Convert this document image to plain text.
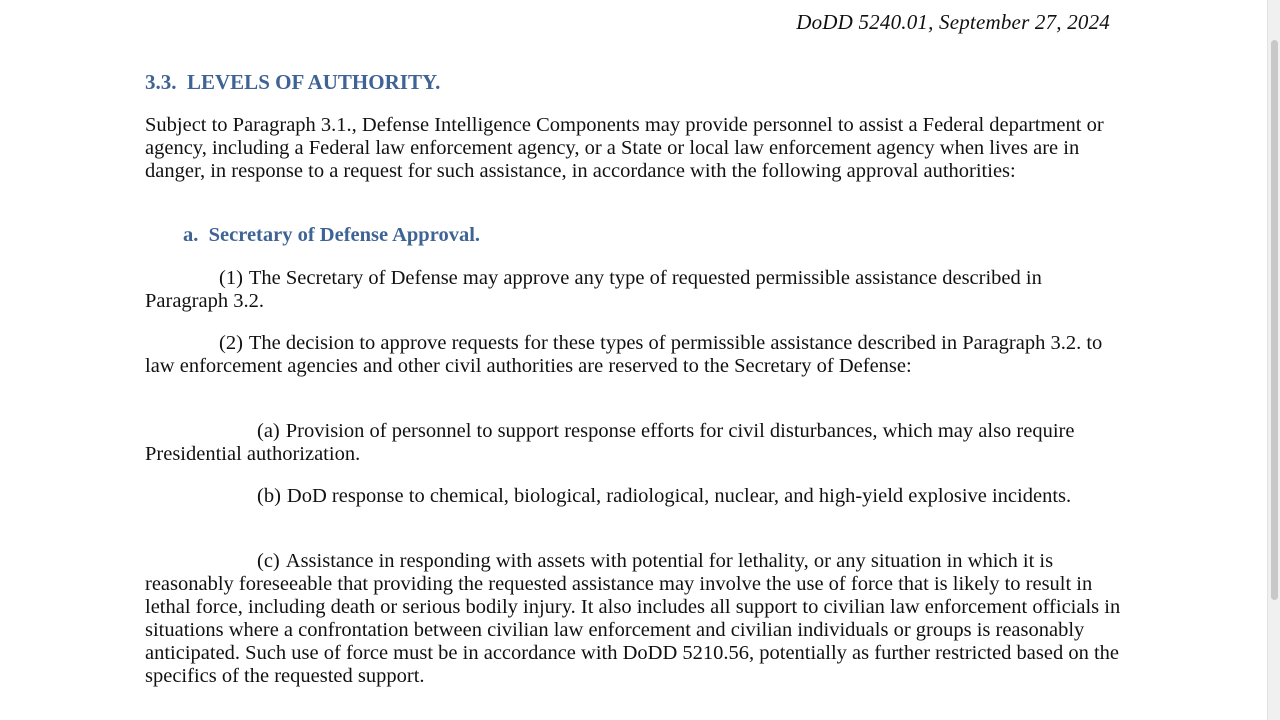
DoDD 5240.01, September 27, 2024
3.3. LEVELS OF AUTHORITY.

Subject to Paragraph 3.1., Defense Intelligence Components may provide personnel to assist a Federal department or agency, including a Federal law enforcement agency, or a State or local law enforcement agency when lives are in danger, in response to a request for such assistance, in accordance with the following approval authorities:

a. Secretary of Defense Approval.

(1) The Secretary of Defense may approve any type of requested permissible assistance described in Paragraph 3.2.

(2) The decision to approve requests for these types of permissible assistance described in Paragraph 3.2. to law enforcement agencies and other civil authorities are reserved to the Secretary of Defense:

(a) Provision of personnel to support response efforts for civil disturbances, which may also require Presidential authorization.

(b) DoD response to chemical, biological, radiological, nuclear, and high-yield explosive incidents.

(c) Assistance in responding with assets with potential for lethality, or any situation in which it is reasonably foreseeable that providing the requested assistance may involve the use of force that is likely to result in lethal force, including death or serious bodily injury. It also includes all support to civilian law enforcement officials in situations where a confrontation between civilian law enforcement and civilian individuals or groups is reasonably anticipated. Such use of force must be in accordance with DoDD 5210.56, potentially as further restricted based on the specifics of the requested support.
